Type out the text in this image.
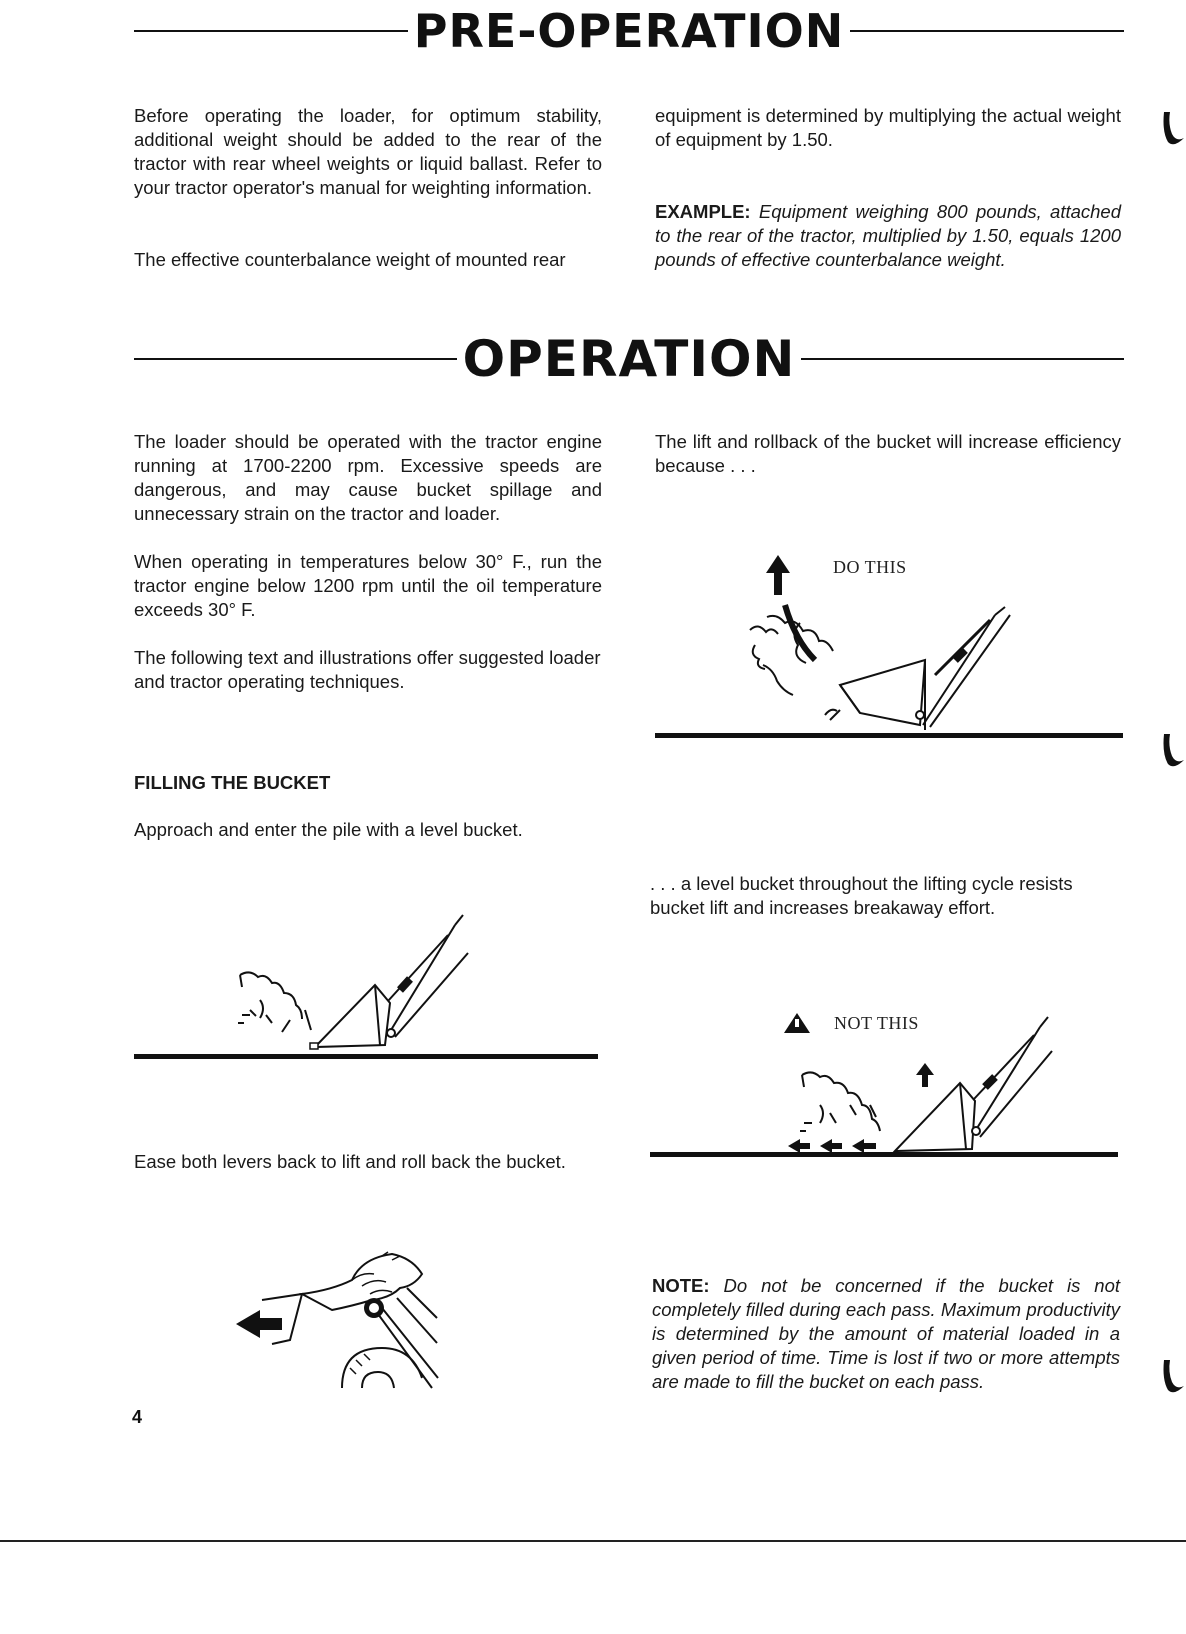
PRE-OPERATION

Before operating the loader, for optimum stability, additional weight should be added to the rear of the tractor with rear wheel weights or liquid ballast. Refer to your tractor operator's manual for weighting information.

The effective counterbalance weight of mounted rear

equipment is determined by multiplying the actual weight of equipment by 1.50.

EXAMPLE: Equipment weighing 800 pounds, attached to the rear of the tractor, multiplied by 1.50, equals 1200 pounds of effective counterbalance weight.

OPERATION

The loader should be operated with the tractor engine running at 1700-2200 rpm. Excessive speeds are dangerous, and may cause bucket spillage and unnecessary strain on the tractor and loader.

When operating in temperatures below 30° F., run the tractor engine below 1200 rpm until the oil temperature exceeds 30° F.

The following text and illustrations offer suggested loader and tractor operating techniques.

FILLING THE BUCKET

Approach and enter the pile with a level bucket.

The lift and rollback of the bucket will increase efficiency because . . .

DO THIS

. . . a level bucket throughout the lifting cycle resists bucket lift and increases breakaway effort.

Ease both levers back to lift and roll back the bucket.

NOT THIS

NOTE: Do not be concerned if the bucket is not completely filled during each pass. Maximum productivity is determined by the amount of material loaded in a given period of time. Time is lost if two or more attempts are made to fill the bucket on each pass.

4
